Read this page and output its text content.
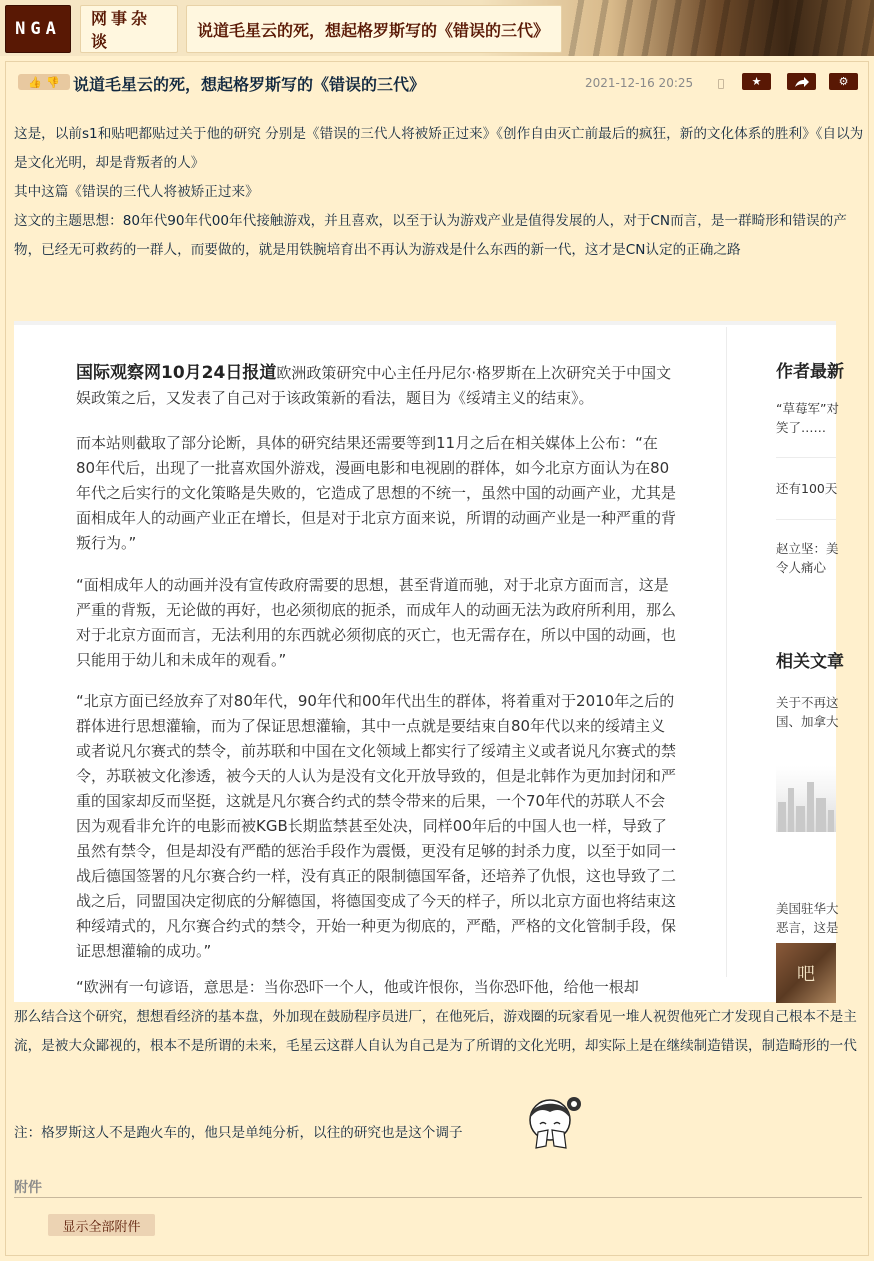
NGA
网事杂谈
说道毛星云的死，想起格罗斯写的《错误的三代》
👍 👎 说道毛星云的死，想起格罗斯写的《错误的三代》	2021-12-16 20:25	★	⚙
这是，以前s1和贴吧都贴过关于他的研究 分别是《错误的三代人将被矫正过来》《创作自由灭亡前最后的疯狂，新的文化体系的胜利》《自以为是文化光明，却是背叛者的人》
其中这篇《错误的三代人将被矫正过来》
这文的主题思想：80年代90年代00年代接触游戏，并且喜欢，以至于认为游戏产业是值得发展的人，对于CN而言，是一群畸形和错误的产物，已经无可救药的一群人，而要做的，就是用铁腕培育出不再认为游戏是什么东西的新一代，这才是CN认定的正确之路
国际观察网10月24日报道欧洲政策研究中心主任丹尼尔·格罗斯在上次研究关于中国文娱政策之后，又发表了自己对于该政策新的看法，题目为《绥靖主义的结束》。
而本站则截取了部分论断，具体的研究结果还需要等到11月之后在相关媒体上公布：“在80年代后，出现了一批喜欢国外游戏，漫画电影和电视剧的群体，如今北京方面认为在80年代之后实行的文化策略是失败的，它造成了思想的不统一，虽然中国的动画产业，尤其是面相成年人的动画产业正在增长，但是对于北京方面来说，所谓的动画产业是一种严重的背叛行为。”
“面相成年人的动画并没有宣传政府需要的思想，甚至背道而驰，对于北京方面而言，这是严重的背叛，无论做的再好，也必须彻底的扼杀，而成年人的动画无法为政府所利用，那么对于北京方面而言，无法利用的东西就必须彻底的灭亡，也无需存在，所以中国的动画，也只能用于幼儿和未成年的观看。”
“北京方面已经放弃了对80年代，90年代和00年代出生的群体，将着重对于2010年之后的群体进行思想灌输，而为了保证思想灌输，其中一点就是要结束自80年代以来的绥靖主义或者说凡尔赛式的禁令，前苏联和中国在文化领域上都实行了绥靖主义或者说凡尔赛式的禁令，苏联被文化渗透，被今天的人认为是没有文化开放导致的，但是北韩作为更加封闭和严重的国家却反而坚挺，这就是凡尔赛合约式的禁令带来的后果，一个70年代的苏联人不会因为观看非允许的电影而被KGB长期监禁甚至处决，同样00年后的中国人也一样，导致了虽然有禁令，但是却没有严酷的惩治手段作为震慑，更没有足够的封杀力度，以至于如同一战后德国签署的凡尔赛合约一样，没有真正的限制德国军备，还培养了仇恨，这也导致了二战之后，同盟国决定彻底的分解德国，将德国变成了今天的样子，所以北京方面也将结束这种绥靖式的，凡尔赛合约式的禁令，开始一种更为彻底的，严酷，严格的文化管制手段，保证思想灌输的成功。”
“欧洲有一句谚语，意思是：当你恐吓一个人，他或许恨你，当你恐吓他，给他一根却
作者最新
“草莓军”对
笑了……
还有100天
赵立坚：美
令人痛心
相关文章
关于不再这
国、加拿大
美国驻华大
恶言，这是
吧
那么结合这个研究，想想看经济的基本盘，外加现在鼓励程序员进厂，在他死后，游戏圈的玩家看见一堆人祝贺他死亡才发现自己根本不是主流，是被大众鄙视的，根本不是所谓的未来，毛星云这群人自认为自己是为了所谓的文化光明，却实际上是在继续制造错误，制造畸形的一代
注：格罗斯这人不是跑火车的，他只是单纯分析，以往的研究也是这个调子
附件
显示全部附件
